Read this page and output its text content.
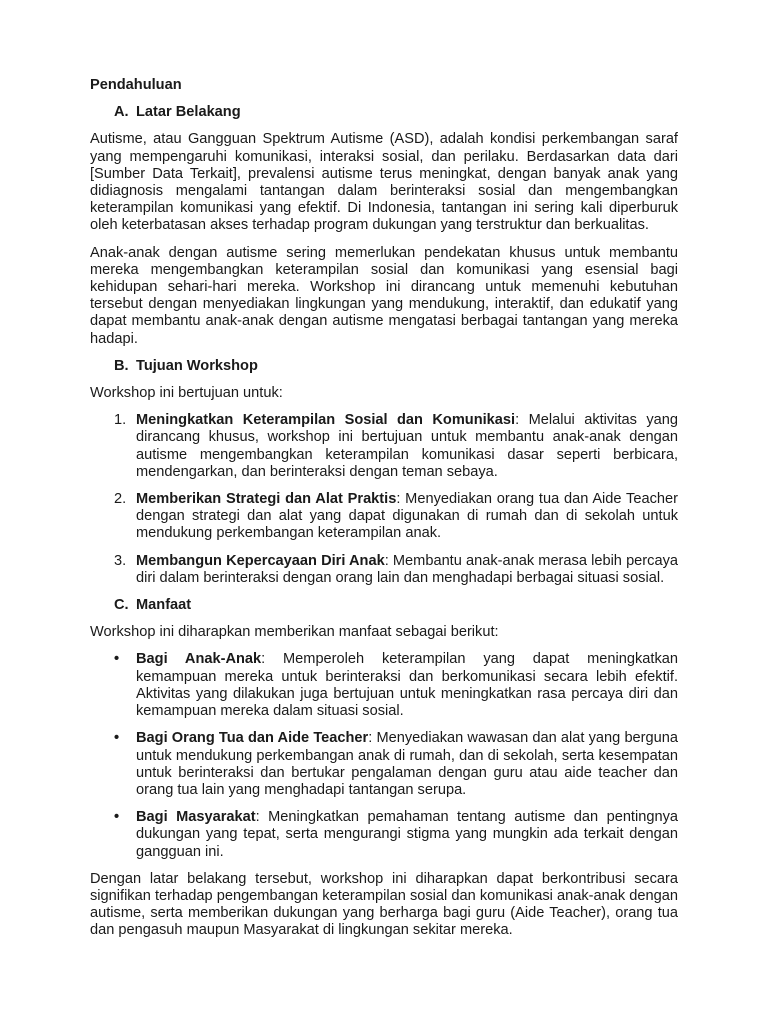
Pendahuluan

A. Latar Belakang

Autisme, atau Gangguan Spektrum Autisme (ASD), adalah kondisi perkembangan saraf yang mempengaruhi komunikasi, interaksi sosial, dan perilaku. Berdasarkan data dari [Sumber Data Terkait], prevalensi autisme terus meningkat, dengan banyak anak yang didiagnosis mengalami tantangan dalam berinteraksi sosial dan mengembangkan keterampilan komunikasi yang efektif. Di Indonesia, tantangan ini sering kali diperburuk oleh keterbatasan akses terhadap program dukungan yang terstruktur dan berkualitas.

Anak-anak dengan autisme sering memerlukan pendekatan khusus untuk membantu mereka mengembangkan keterampilan sosial dan komunikasi yang esensial bagi kehidupan sehari-hari mereka. Workshop ini dirancang untuk memenuhi kebutuhan tersebut dengan menyediakan lingkungan yang mendukung, interaktif, dan edukatif yang dapat membantu anak-anak dengan autisme mengatasi berbagai tantangan yang mereka hadapi.

B. Tujuan Workshop

Workshop ini bertujuan untuk:

1. Meningkatkan Keterampilan Sosial dan Komunikasi: Melalui aktivitas yang dirancang khusus, workshop ini bertujuan untuk membantu anak-anak dengan autisme mengembangkan keterampilan komunikasi dasar seperti berbicara, mendengarkan, dan berinteraksi dengan teman sebaya.
2. Memberikan Strategi dan Alat Praktis: Menyediakan orang tua dan Aide Teacher dengan strategi dan alat yang dapat digunakan di rumah dan di sekolah untuk mendukung perkembangan keterampilan anak.
3. Membangun Kepercayaan Diri Anak: Membantu anak-anak merasa lebih percaya diri dalam berinteraksi dengan orang lain dan menghadapi berbagai situasi sosial.
C. Manfaat

Workshop ini diharapkan memberikan manfaat sebagai berikut:

•	Bagi Anak-Anak: Memperoleh keterampilan yang dapat meningkatkan kemampuan mereka untuk berinteraksi dan berkomunikasi secara lebih efektif. Aktivitas yang dilakukan juga bertujuan untuk meningkatkan rasa percaya diri dan kemampuan mereka dalam situasi sosial.
•	Bagi Orang Tua dan Aide Teacher: Menyediakan wawasan dan alat yang berguna untuk mendukung perkembangan anak di rumah, dan di sekolah, serta kesempatan untuk berinteraksi dan bertukar pengalaman dengan guru atau aide teacher dan orang tua lain yang menghadapi tantangan serupa.
•	Bagi Masyarakat: Meningkatkan pemahaman tentang autisme dan pentingnya dukungan yang tepat, serta mengurangi stigma yang mungkin ada terkait dengan gangguan ini.

Dengan latar belakang tersebut, workshop ini diharapkan dapat berkontribusi secara signifikan terhadap pengembangan keterampilan sosial dan komunikasi anak-anak dengan autisme, serta memberikan dukungan yang berharga bagi guru (Aide Teacher), orang tua dan pengasuh maupun Masyarakat di lingkungan sekitar mereka.
